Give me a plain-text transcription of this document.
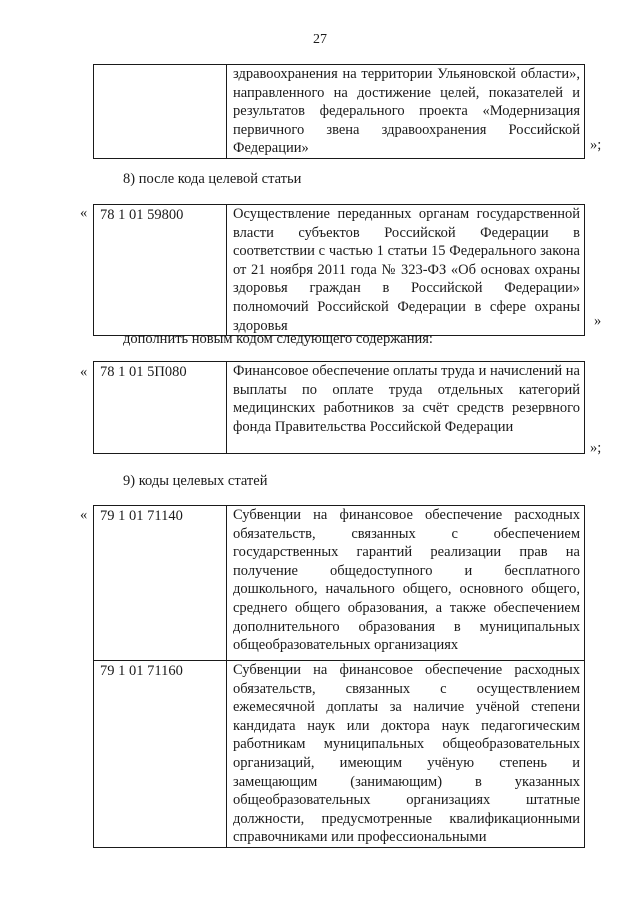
27
	здравоохранения на территории Ульяновской области», направленного на достижение целей, показателей и результатов федерального проекта «Модернизация первичного звена здравоохранения Российской Федерации»	»;
8) после кода целевой статьи
« 78 1 01 59800	Осуществление переданных органам государственной власти субъектов Российской Федерации в соответствии с частью 1 статьи 15 Федерального закона от 21 ноября 2011 года № 323-ФЗ «Об основах охраны здоровья граждан в Российской Федерации» полномочий Российской Федерации в сфере охраны здоровья	»
дополнить новым кодом следующего содержания:
« 78 1 01 5П080	Финансовое обеспечение оплаты труда и начислений на выплаты по оплате труда отдельных категорий медицинских работников за счёт средств резервного фонда Правительства Российской Федерации
»;
9) коды целевых статей
« 79 1 01 71140	Субвенции на финансовое обеспечение расходных обязательств, связанных с обеспечением государственных гарантий реализации прав на получение общедоступного и бесплатного дошкольного, начального общего, основного общего, среднего общего образования, а также обеспечением дополнительного образования в муниципальных общеобразовательных организациях
79 1 01 71160	Субвенции на финансовое обеспечение расходных обязательств, связанных с осуществлением ежемесячной доплаты за наличие учёной степени кандидата наук или доктора наук педагогическим работникам муниципальных общеобразовательных организаций, имеющим учёную степень и замещающим (занимающим) в указанных общеобразовательных организациях штатные должности, предусмотренные квалификационными справочниками или профессиональными
